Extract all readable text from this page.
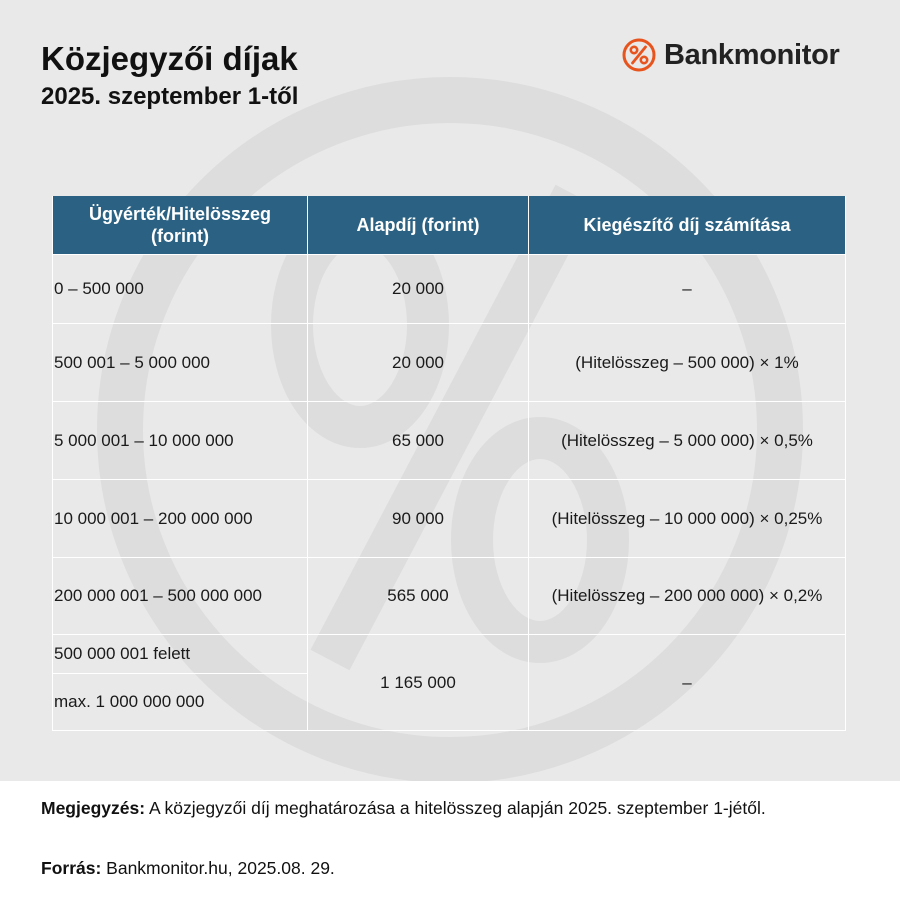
Közjegyzői díjak
2025. szeptember 1-től
Bankmonitor
Ügyérték/Hitelösszeg (forint)	Alapdíj (forint)	Kiegészítő díj számítása
0 – 500 000	20 000	–
500 001 – 5 000 000	20 000	(Hitelösszeg – 500 000) × 1%
5 000 001 – 10 000 000	65 000	(Hitelösszeg – 5 000 000) × 0,5%
10 000 001 – 200 000 000	90 000	(Hitelösszeg – 10 000 000) × 0,25%
200 000 001 – 500 000 000	565 000	(Hitelösszeg – 200 000 000) × 0,2%
500 000 001 felett	1 165 000	–
max. 1 000 000 000		
Megjegyzés: A közjegyzői díj meghatározása a hitelösszeg alapján 2025. szeptember 1-jétől.
Forrás: Bankmonitor.hu, 2025.08. 29.
